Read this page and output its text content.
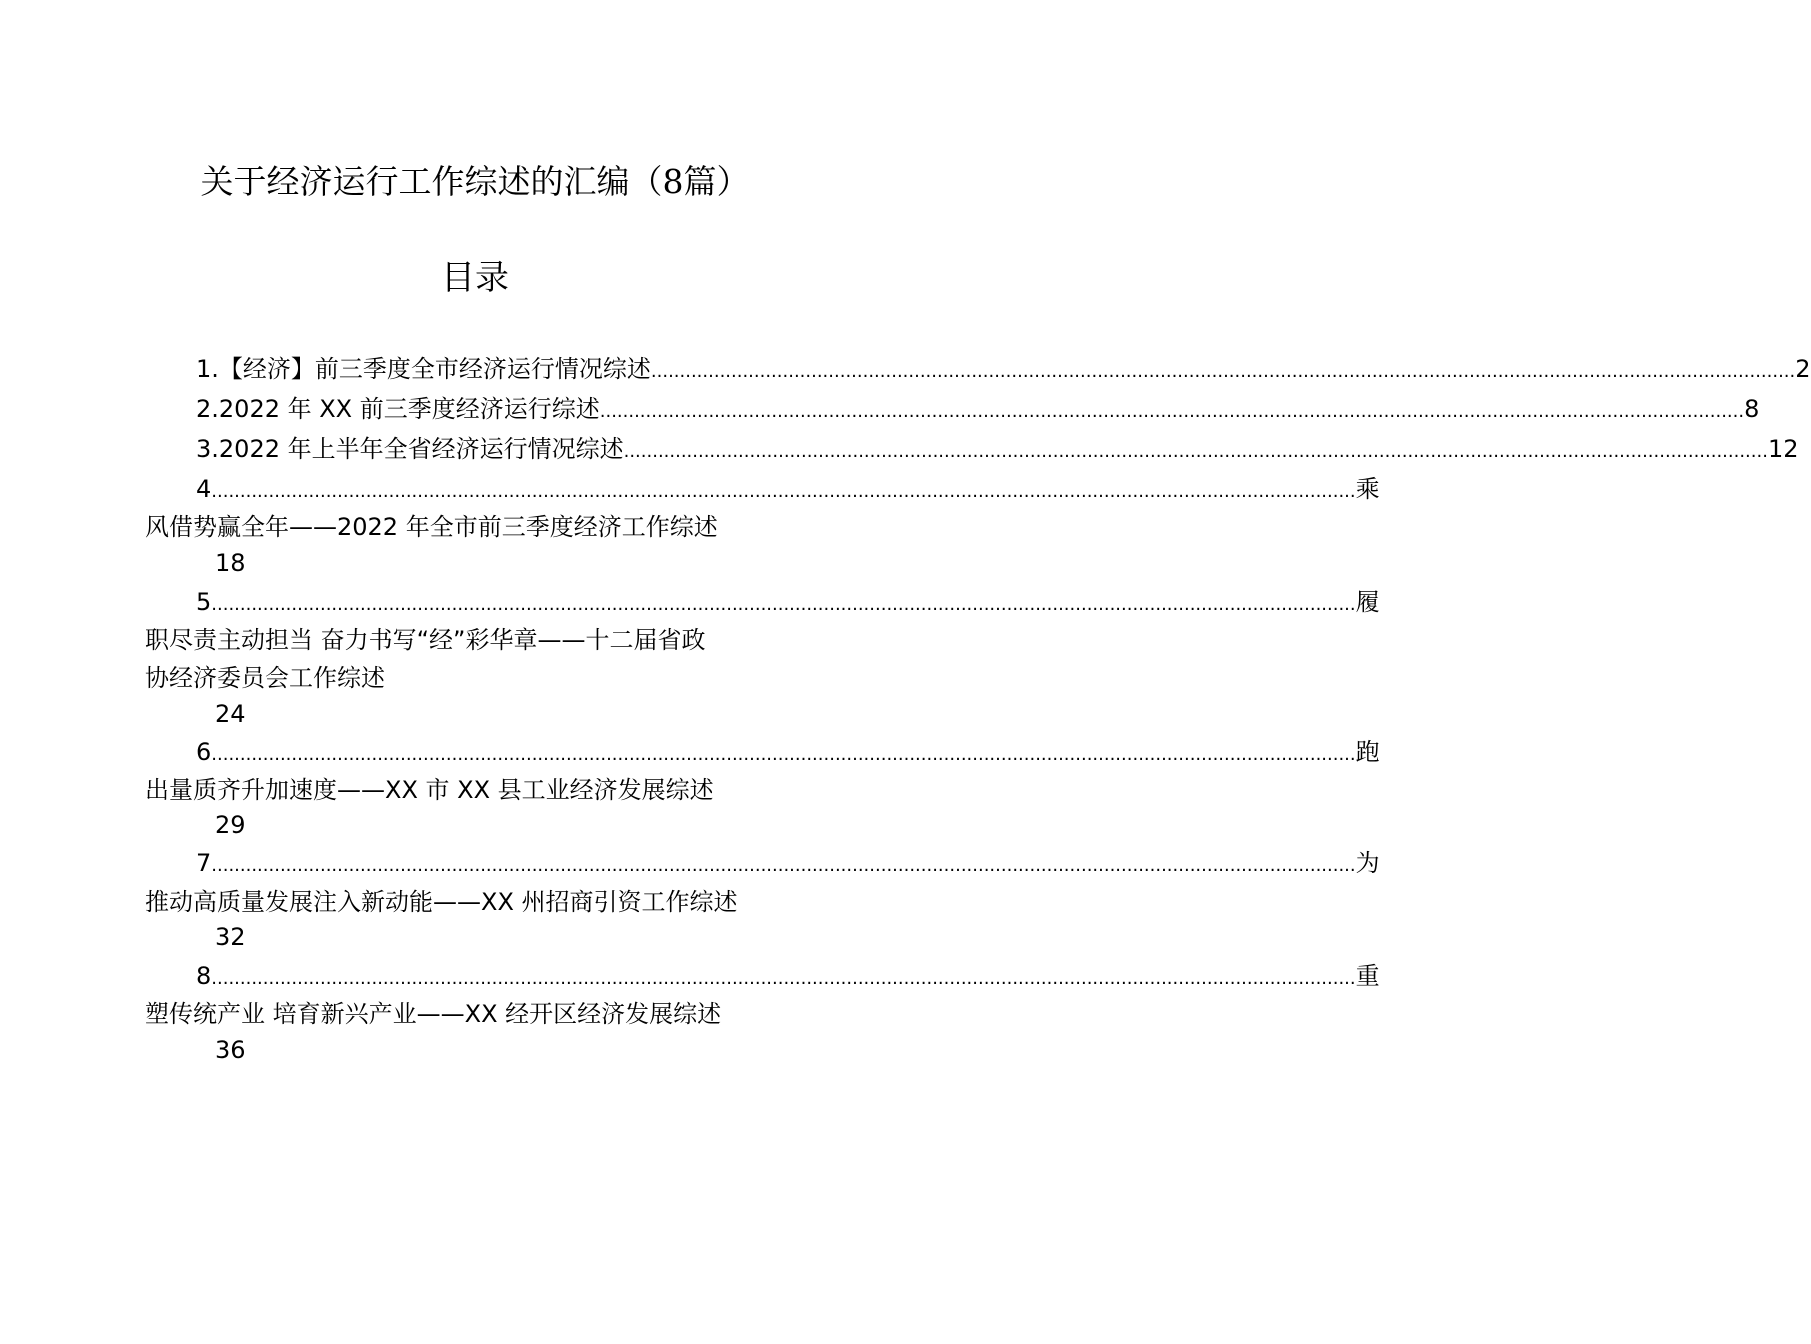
关于经济运行工作综述的汇编（8篇）
目录
1.【经济】前三季度全市经济运行情况综述 ........................................................................................................................................................................................................ 2
2.2022 年 XX 前三季度经济运行综述 ........................................................................................................................................................................................................ 8
3.2022 年上半年全省经济运行情况综述 ........................................................................................................................................................................................................ 12
4 ........................................................................................................................................................................................................ 乘
风借势赢全年——2022 年全市前三季度经济工作综述
18
5 ........................................................................................................................................................................................................ 履
职尽责主动担当 奋力书写“经”彩华章——十二届省政
协经济委员会工作综述
24
6 ........................................................................................................................................................................................................ 跑
出量质齐升加速度——XX 市 XX 县工业经济发展综述
29
7 ........................................................................................................................................................................................................ 为
推动高质量发展注入新动能——XX 州招商引资工作综述
32
8 ........................................................................................................................................................................................................ 重
塑传统产业 培育新兴产业——XX 经开区经济发展综述
36
